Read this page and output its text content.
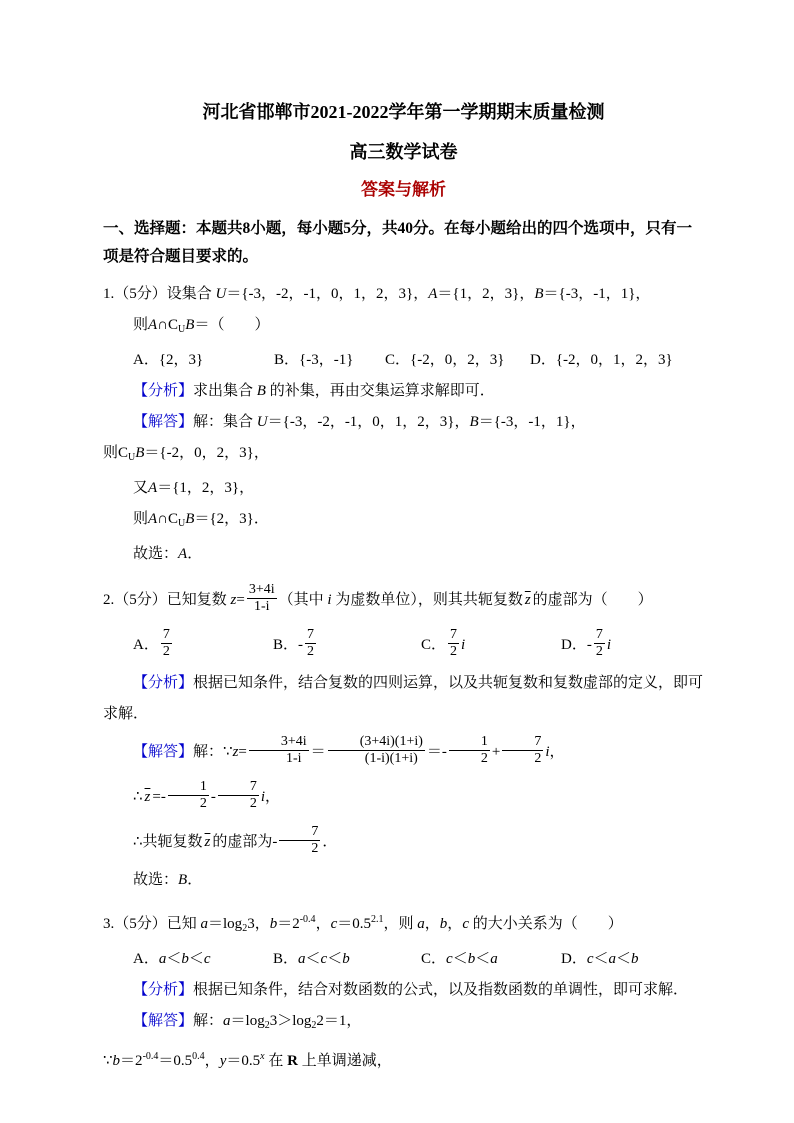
河北省邯郸市2021-2022学年第一学期期末质量检测
高三数学试卷
答案与解析
一、选择题：本题共8小题，每小题5分，共40分。在每小题给出的四个选项中，只有一
项是符合题目要求的。
1.（5分）设集合 U＝{-3，-2，-1，0，1，2，3}，A＝{1，2，3}，B＝{-3，-1，1}，
则$A\cap C_UB=$（　　）
A．{2，3}	B．{-3，-1}	C．{-2，0，2，3}	D．{-2，0，1，2，3}
【分析】求出集合 B 的补集，再由交集运算求解即可．
【解答】解：集合 U＝{-3，-2，-1，0，1，2，3}，B＝{-3，-1，1}，
则$C_UB=\{-2$，0，2，3}，
又A＝{1，2，3}，
则$A\cap C_UB=\{2$，3}．
故选：A．
2.（5分）已知复数 $z= \frac{3+4i}{1-i}$ （其中 i 为虚数单位），则其共轭复数 $\overline{z}$ 的虚部为（　　）
A． $\frac{7}{2}$	B．- $\frac{7}{2}$	C． $\frac{7}{2}$ i	D．- $\frac{7}{2}$ i
【分析】根据已知条件，结合复数的四则运算，以及共轭复数和复数虚部的定义，即可
求解．
【解答】解：∵z= $\frac{3+4i}{1-i} = \frac{(3+4i)(1+i)}{(1-i)(1+i)} =- \frac{1}{2} + \frac{7}{2}$ i，
∴ $\overline{z} =- \frac{1}{2} - \frac{7}{2}$ i，
∴共轭复数 $\overline{z}$ 的虚部为- $\frac{7}{2}$ ．
故选：B．
3.（5分）已知 $a=\log_23$，$b=2^{-0.4}$，$c=0.5^{2.1}$，则 a，b，c 的大小关系为（　　）
A．a＜b＜c	B．a＜c＜b	C．c＜b＜a	D．c＜a＜b
【分析】根据已知条件，结合对数函数的公式，以及指数函数的单调性，即可求解．
【解答】解：$a=\log_23>\log_22=1$，
$\because b=2^{-0.4}=0.5^{0.4}$，$y=0.5^x$ 在 R 上单调递减，
